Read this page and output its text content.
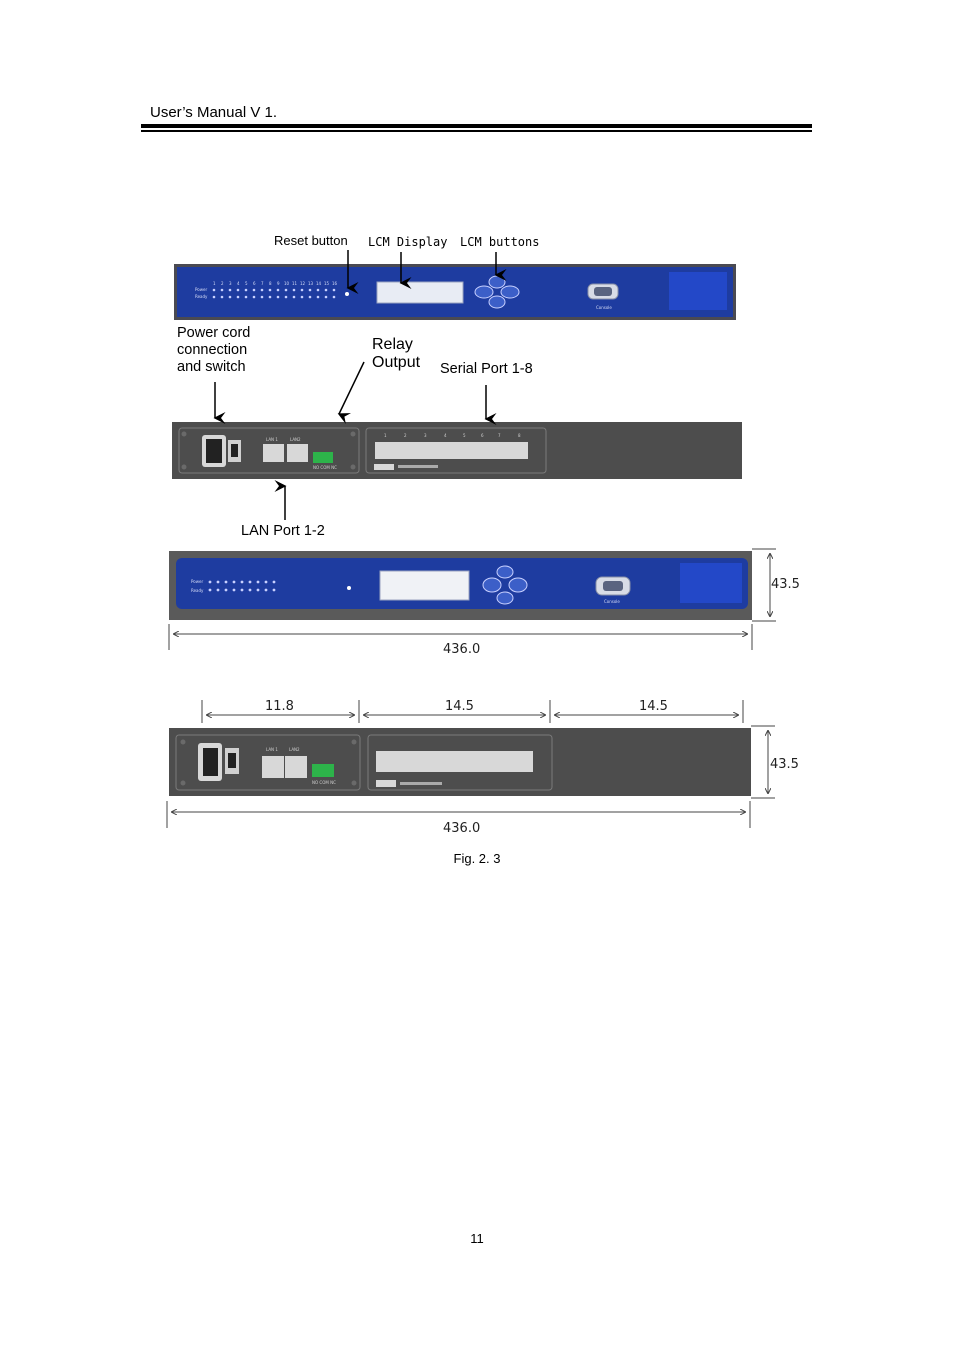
User’s Manual V 1.
Reset button LCM Display LCM buttons
Power cord
connection
and switch
Relay
Output Serial Port 1-8
LAN Port 1-2
Power
Ready
1 2 3 4 5 6 7 8 9 10 11 12 13 14 15 16
Console
LAN 1	LAN2
NO COM NC
1	2	3	4	5	6	7	8
Power
Ready
Console
43.5
436.0
11.8	14.5	14.5
LAN 1	LAN2
NO COM NC
43.5
436.0
Fig. 2. 3
11
